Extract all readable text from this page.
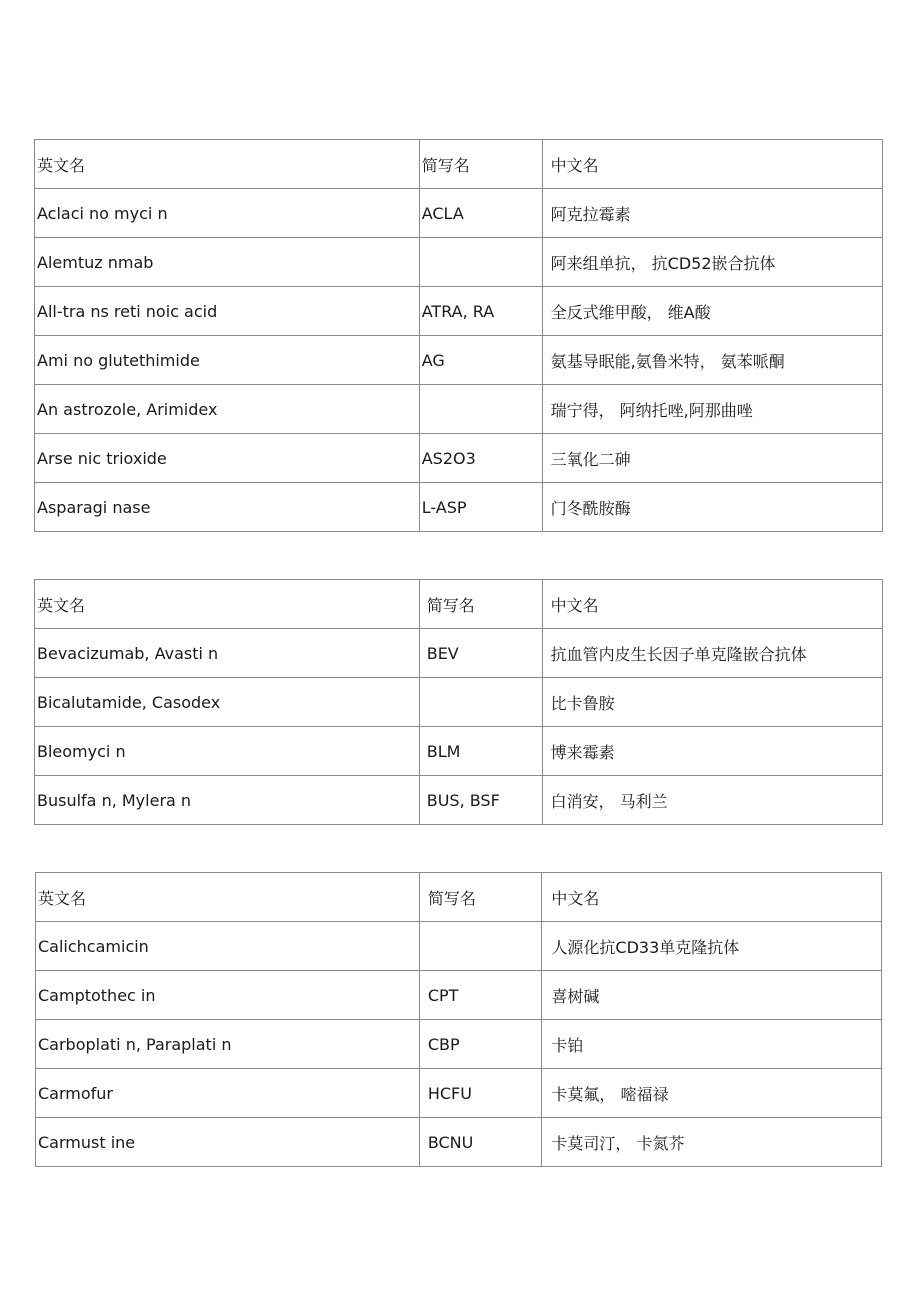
英文名	简写名	中文名
Aclaci no myci n	ACLA	阿克拉霉素
Alemtuz nmab		阿来组单抗， 抗CD52嵌合抗体
All-tra ns reti noic acid	ATRA, RA	全反式维甲酸， 维A酸
Ami no glutethimide	AG	氨基导眠能,氨鲁米特， 氨苯哌酮
An astrozole, Arimidex		瑞宁得， 阿纳托唑,阿那曲唑
Arse nic trioxide	AS2O3	三氧化二砷
Asparagi nase	L-ASP	门冬酰胺酶
英文名	简写名	中文名
Bevacizumab, Avasti n	BEV	抗血管内皮生长因子单克隆嵌合抗体
Bicalutamide, Casodex		比卡鲁胺
Bleomyci n	BLM	博来霉素
Busulfa n, Mylera n	BUS, BSF	白消安， 马利兰
英文名	简写名	中文名
Calichcamicin		人源化抗CD33单克隆抗体
Camptothec in	CPT	喜树碱
Carboplati n, Paraplati n	CBP	卡铂
Carmofur	HCFU	卡莫氟， 嘧福禄
Carmust ine	BCNU	卡莫司汀， 卡氮芥
